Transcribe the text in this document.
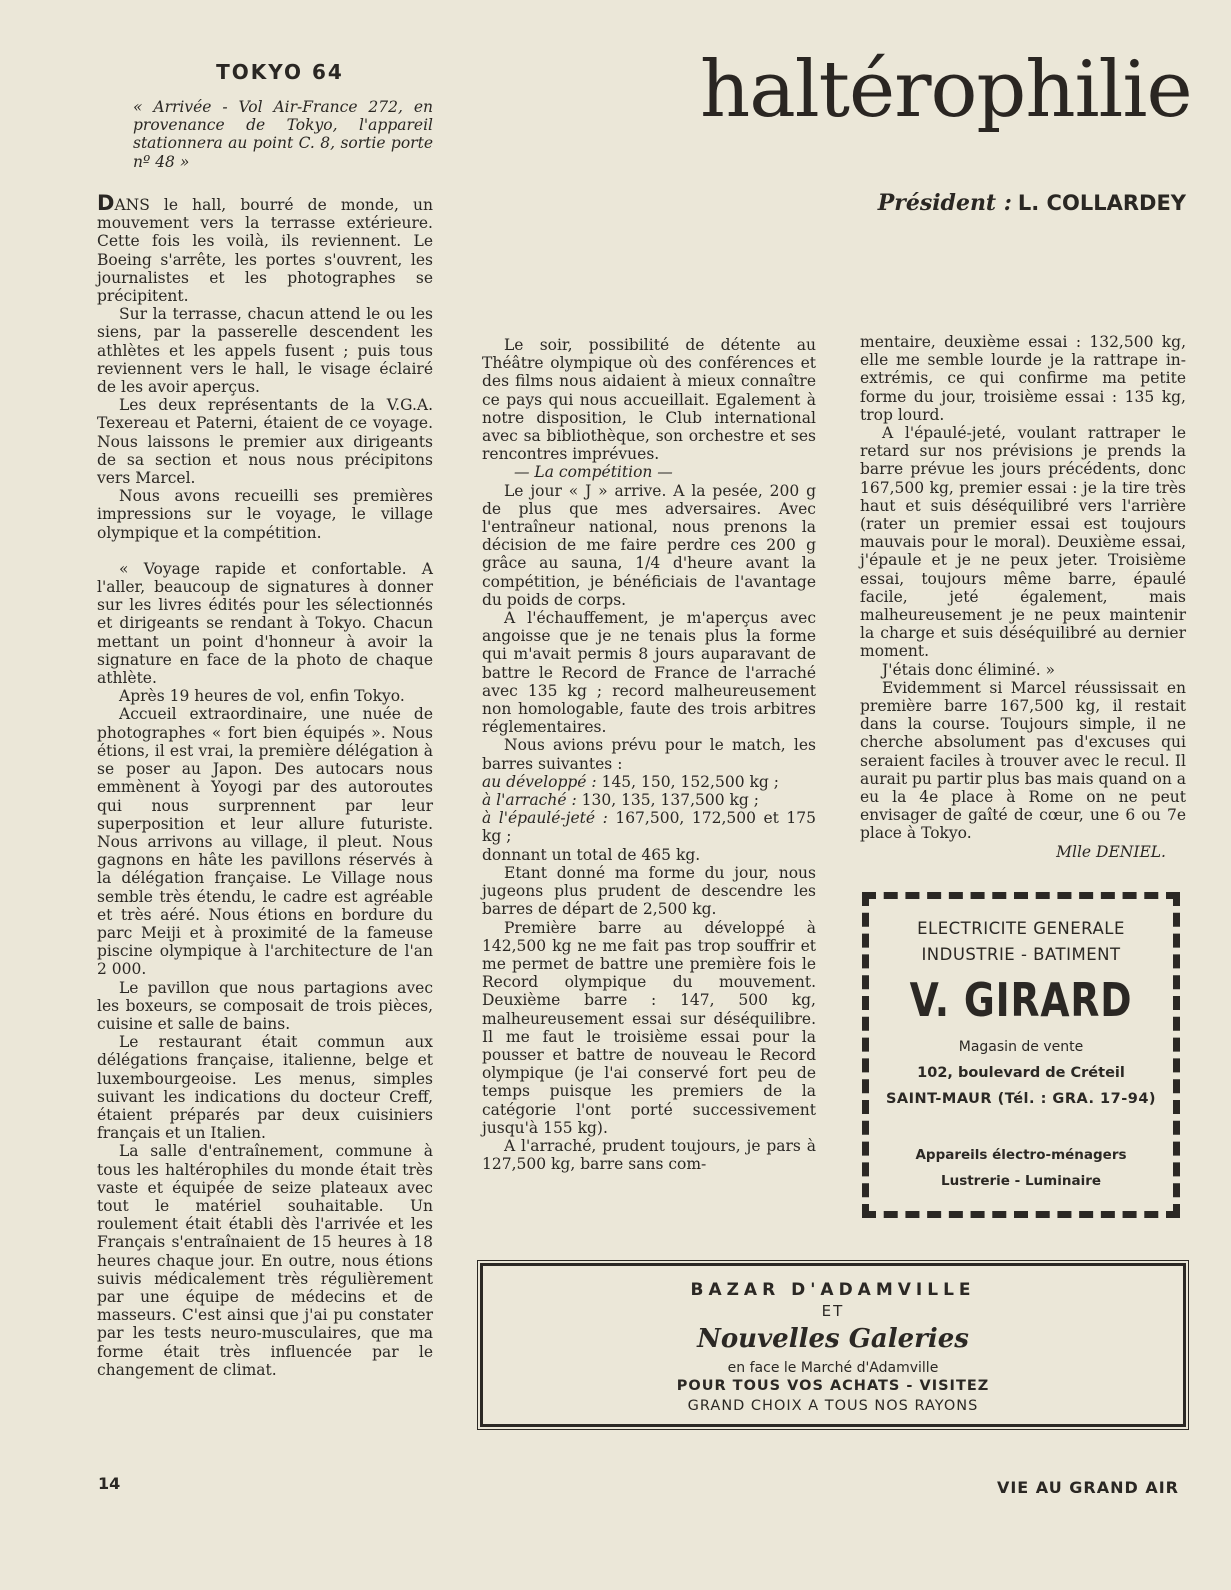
TOKYO 64
« Arrivée - Vol Air-France 272, en provenance de Tokyo, l'appareil stationnera au point C. 8, sortie porte nº 48 »
haltérophilie
Président : L. COLLARDEY

DANS le hall, bourré de monde, un mouvement vers la terrasse extérieure. Cette fois les voilà, ils reviennent. Le Boeing s'arrête, les portes s'ouvrent, les journalistes et les photographes se précipitent.

Sur la terrasse, chacun attend le ou les siens, par la passerelle descendent les athlètes et les appels fusent ; puis tous reviennent vers le hall, le visage éclairé de les avoir aperçus.

Les deux représentants de la V.G.A. Texereau et Paterni, étaient de ce voyage. Nous laissons le premier aux dirigeants de sa section et nous nous précipitons vers Marcel.

Nous avons recueilli ses premières impressions sur le voyage, le village olympique et la compétition.

« Voyage rapide et confortable. A l'aller, beaucoup de signatures à donner sur les livres édités pour les sélectionnés et dirigeants se rendant à Tokyo. Chacun mettant un point d'honneur à avoir la signature en face de la photo de chaque athlète.

Après 19 heures de vol, enfin Tokyo.

Accueil extraordinaire, une nuée de photographes « fort bien équipés ». Nous étions, il est vrai, la première délégation à se poser au Japon. Des autocars nous emmènent à Yoyogi par des autoroutes qui nous surprennent par leur superposition et leur allure futuriste. Nous arrivons au village, il pleut. Nous gagnons en hâte les pavillons réservés à la délégation française. Le Village nous semble très étendu, le cadre est agréable et très aéré. Nous étions en bordure du parc Meiji et à proximité de la fameuse piscine olympique à l'architecture de l'an 2 000.

Le pavillon que nous partagions avec les boxeurs, se composait de trois pièces, cuisine et salle de bains.

Le restaurant était commun aux délégations française, italienne, belge et luxembourgeoise. Les menus, simples suivant les indications du docteur Creff, étaient préparés par deux cuisiniers français et un Italien.

La salle d'entraînement, commune à tous les haltérophiles du monde était très vaste et équipée de seize plateaux avec tout le matériel souhaitable. Un roulement était établi dès l'arrivée et les Français s'entraînaient de 15 heures à 18 heures chaque jour. En outre, nous étions suivis médicalement très régulièrement par une équipe de médecins et de masseurs. C'est ainsi que j'ai pu constater par les tests neuro-musculaires, que ma forme était très influencée par le changement de climat.

Le soir, possibilité de détente au Théâtre olympique où des conférences et des films nous aidaient à mieux connaître ce pays qui nous accueillait. Egalement à notre disposition, le Club international avec sa bibliothèque, son orchestre et ses rencontres imprévues.

— La compétition —

Le jour « J » arrive. A la pesée, 200 g de plus que mes adversaires. Avec l'entraîneur national, nous prenons la décision de me faire perdre ces 200 g grâce au sauna, 1/4 d'heure avant la compétition, je bénéficiais de l'avantage du poids de corps.

A l'échauffement, je m'aperçus avec angoisse que je ne tenais plus la forme qui m'avait permis 8 jours auparavant de battre le Record de France de l'arraché avec 135 kg ; record malheureusement non homologable, faute des trois arbitres réglementaires.

Nous avions prévu pour le match, les barres suivantes :

au développé : 145, 150, 152,500 kg ;

à l'arraché : 130, 135, 137,500 kg ;

à l'épaulé-jeté : 167,500, 172,500 et 175 kg ;

donnant un total de 465 kg.

Etant donné ma forme du jour, nous jugeons plus prudent de descendre les barres de départ de 2,500 kg.

Première barre au développé à 142,500 kg ne me fait pas trop souffrir et me permet de battre une première fois le Record olympique du mouvement. Deuxième barre : 147, 500 kg, malheureusement essai sur déséquilibre. Il me faut le troisième essai pour la pousser et battre de nouveau le Record olympique (je l'ai conservé fort peu de temps puisque les premiers de la catégorie l'ont porté successivement jusqu'à 155 kg).

A l'arraché, prudent toujours, je pars à 127,500 kg, barre sans com-

mentaire, deuxième essai : 132,500 kg, elle me semble lourde je la rattrape in-extrémis, ce qui confirme ma petite forme du jour, troisième essai : 135 kg, trop lourd.

A l'épaulé-jeté, voulant rattraper le retard sur nos prévisions je prends la barre prévue les jours précédents, donc 167,500 kg, premier essai : je la tire très haut et suis déséquilibré vers l'arrière (rater un premier essai est toujours mauvais pour le moral). Deuxième essai, j'épaule et je ne peux jeter. Troisième essai, toujours même barre, épaulé facile, jeté également, mais malheureusement je ne peux maintenir la charge et suis déséquilibré au dernier moment.

J'étais donc éliminé. »

Evidemment si Marcel réussissait en première barre 167,500 kg, il restait dans la course. Toujours simple, il ne cherche absolument pas d'excuses qui seraient faciles à trouver avec le recul. Il aurait pu partir plus bas mais quand on a eu la 4e place à Rome on ne peut envisager de gaîté de cœur, une 6 ou 7e place à Tokyo.

Mlle DENIEL.

ELECTRICITE GENERALE
INDUSTRIE - BATIMENT
V. GIRARD
Magasin de vente
102, boulevard de Créteil
SAINT-MAUR (Tél. : GRA. 17-94)
Appareils électro-ménagers
Lustrerie - Luminaire
BAZAR D'ADAMVILLE
ET
Nouvelles Galeries
en face le Marché d'Adamville
POUR TOUS VOS ACHATS - VISITEZ
GRAND CHOIX A TOUS NOS RAYONS
14	VIE AU GRAND AIR
